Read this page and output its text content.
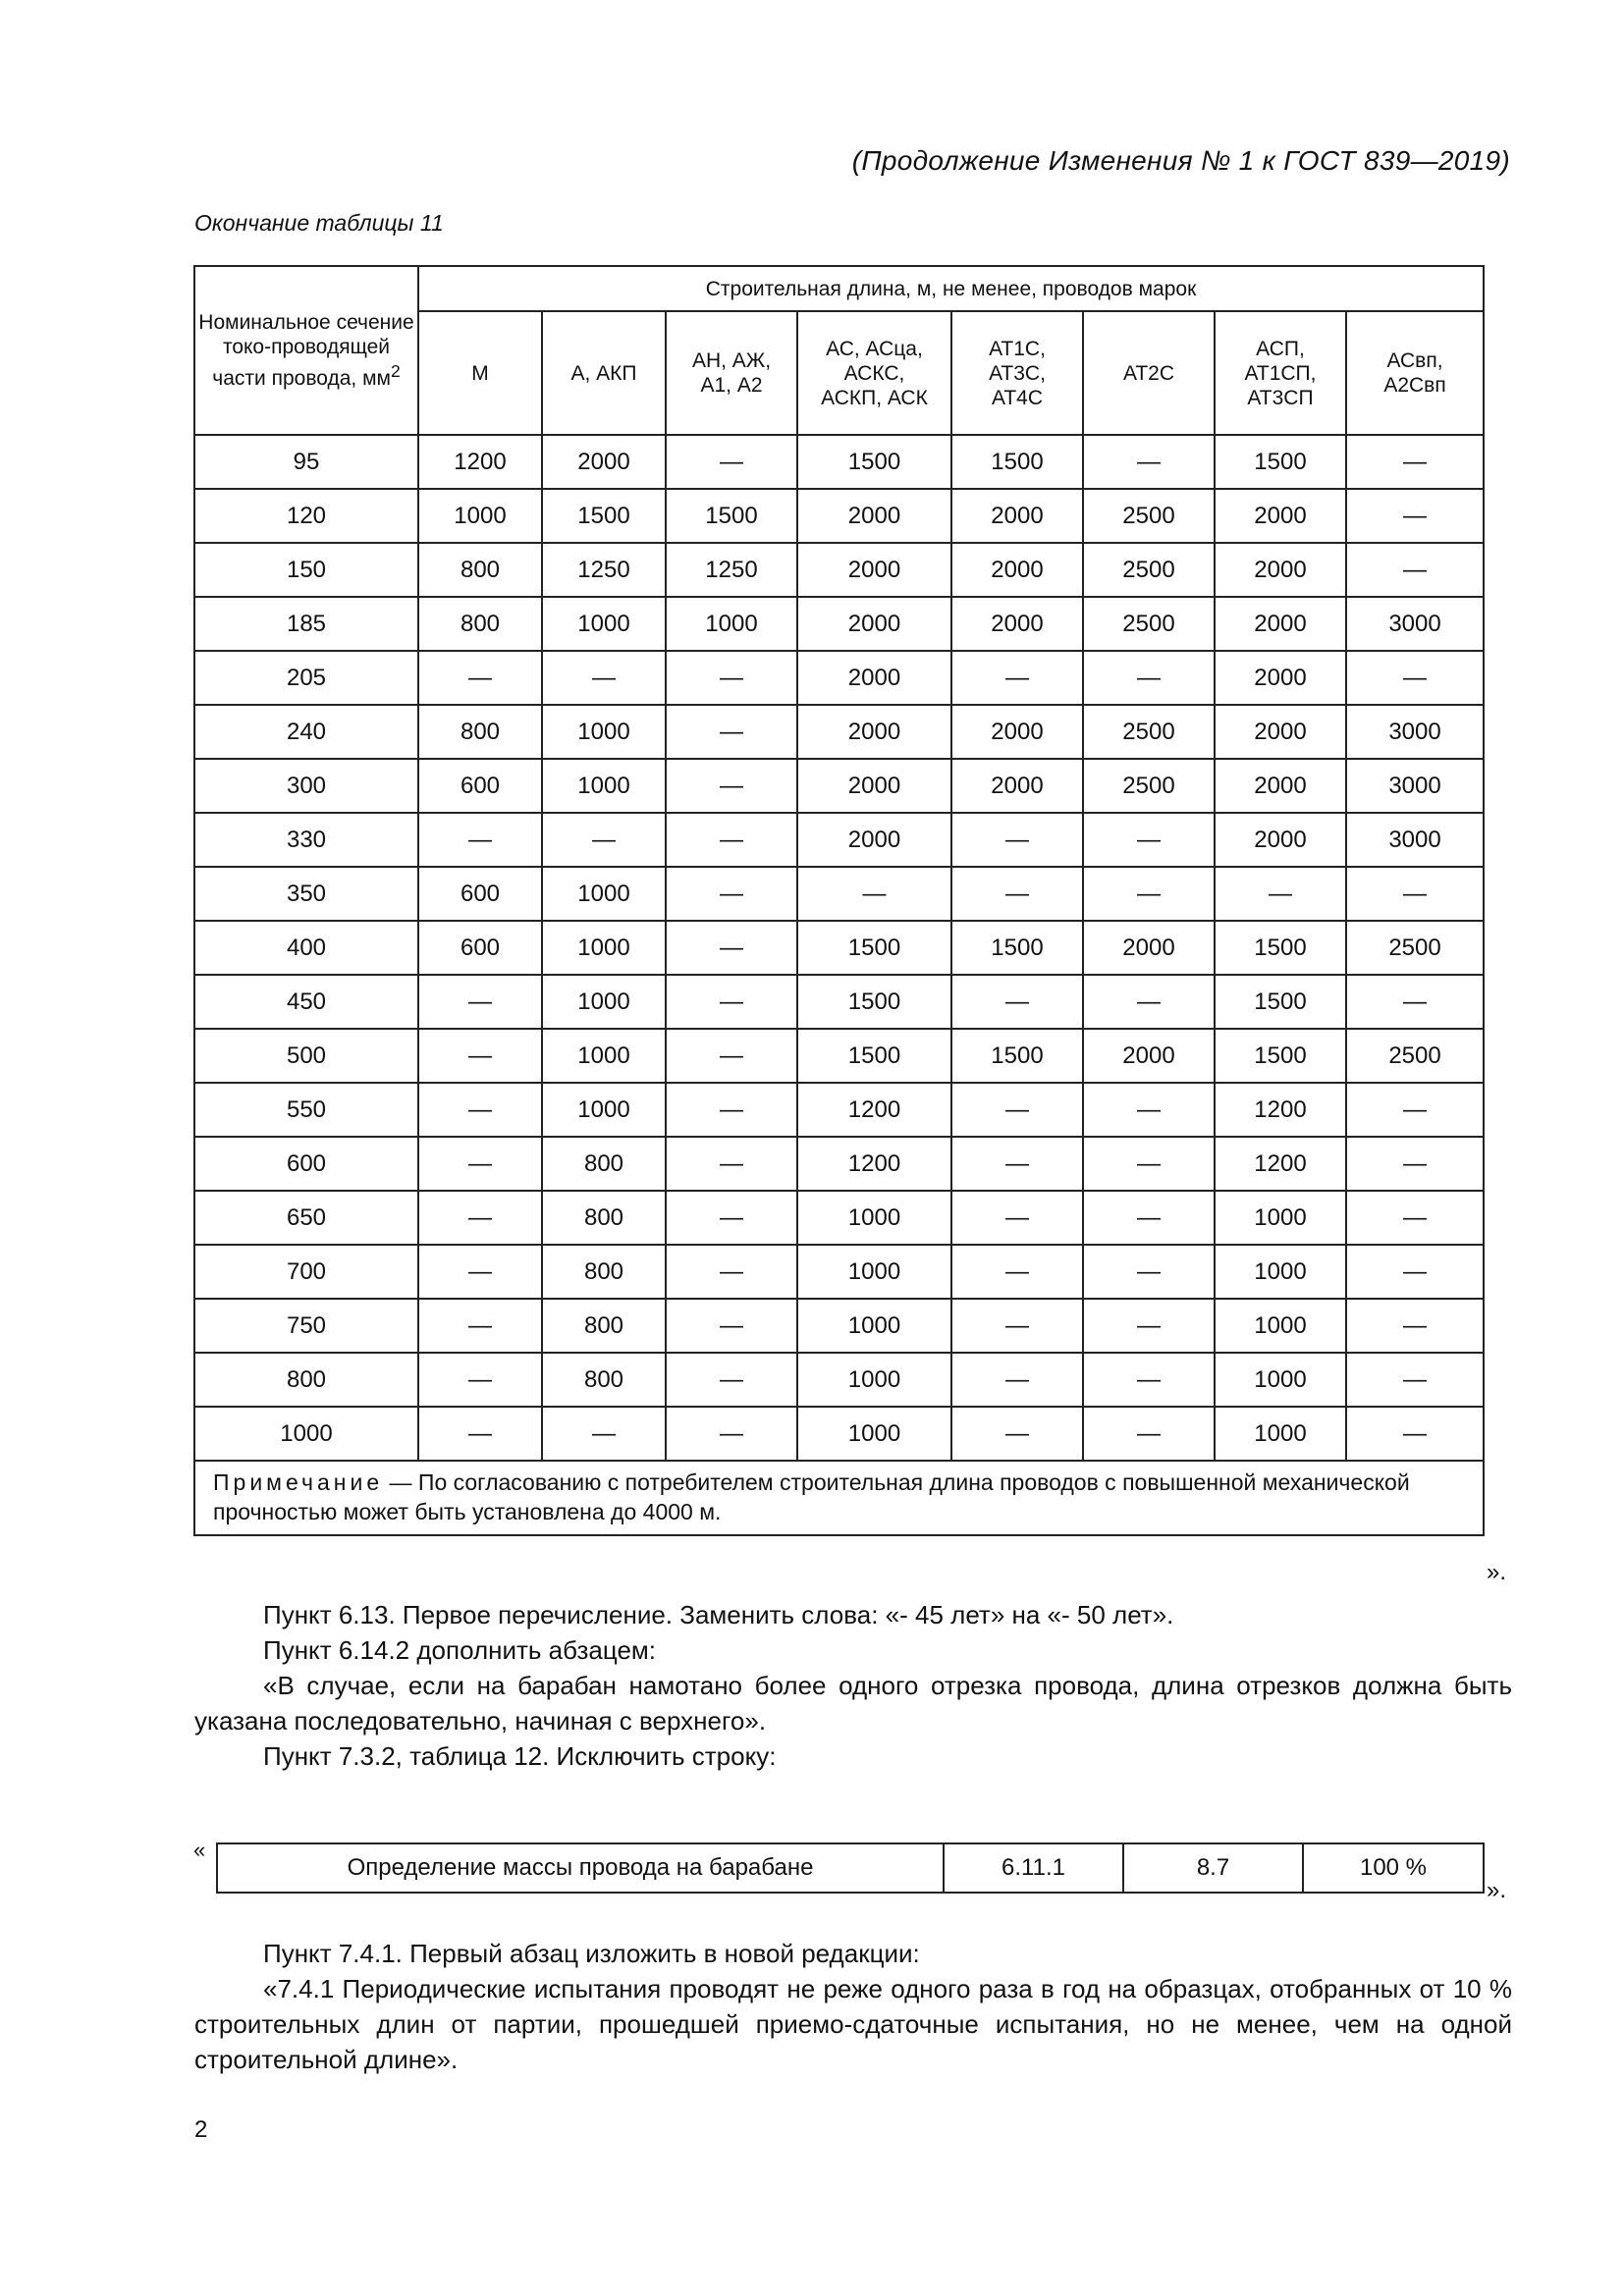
(Продолжение Изменения № 1 к ГОСТ 839—2019)
Окончание таблицы 11
Номинальное сечение токо-проводящей части провода, $мм^2$	Строительная длина, м, не менее, проводов марок							
	М	А, АКП	АН, АЖ, А1, А2	АС, АСца, АСКС, АСКП, АСК	АТ1С, АТ3С, АТ4С	АТ2С	АСП, АТ1СП, АТ3СП	АСвп, А2Свп
95	1200	2000	—	1500	1500	—	1500	—
120	1000	1500	1500	2000	2000	2500	2000	—
150	800	1250	1250	2000	2000	2500	2000	—
185	800	1000	1000	2000	2000	2500	2000	3000
205	—	—	—	2000	—	—	2000	—
240	800	1000	—	2000	2000	2500	2000	3000
300	600	1000	—	2000	2000	2500	2000	3000
330	—	—	—	2000	—	—	2000	3000
350	600	1000	—	—	—	—	—	—
400	600	1000	—	1500	1500	2000	1500	2500
450	—	1000	—	1500	—	—	1500	—
500	—	1000	—	1500	1500	2000	1500	2500
550	—	1000	—	1200	—	—	1200	—
600	—	800	—	1200	—	—	1200	—
650	—	800	—	1000	—	—	1000	—
700	—	800	—	1000	—	—	1000	—
750	—	800	—	1000	—	—	1000	—
800	—	800	—	1000	—	—	1000	—
1000	—	—	—	1000	—	—	1000	—
Примечание — По согласованию с потребителем строительная длина проводов с повышенной механической прочностью может быть установлена до 4000 м.								
».
Пункт 6.13. Первое перечисление. Заменить слова: «- 45 лет» на «- 50 лет».
Пункт 6.14.2 дополнить абзацем:
«В случае, если на барабан намотано более одного отрезка провода, длина отрезков должна быть указана последовательно, начиная с верхнего».
Пункт 7.3.2, таблица 12. Исключить строку:
«
Определение массы провода на барабане	6.11.1	8.7	100 %
».
Пункт 7.4.1. Первый абзац изложить в новой редакции:
«7.4.1 Периодические испытания проводят не реже одного раза в год на образцах, отобранных от 10 % строительных длин от партии, прошедшей приемо-сдаточные испытания, но не менее, чем на одной строительной длине».
2
